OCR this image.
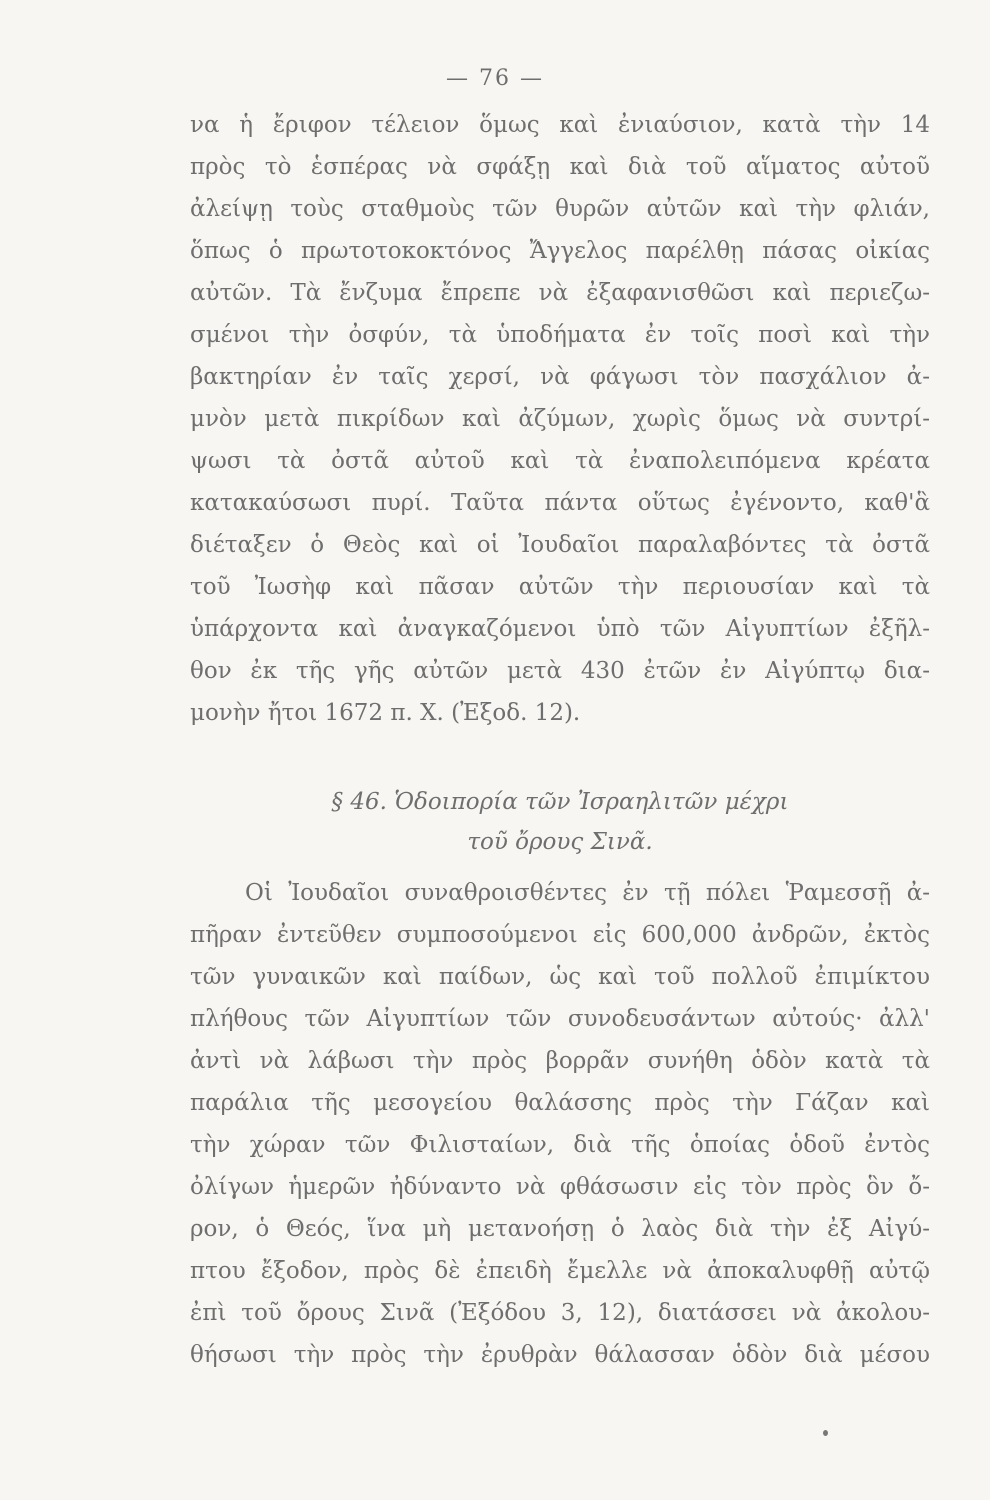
— 76 —
να ἡ ἔριφον τέλειον ὅμως καὶ ἐνιαύσιον, κατὰ τὴν 14
πρὸς τὸ ἑσπέρας νὰ σφάξῃ καὶ διὰ τοῦ αἵματος αὐτοῦ
ἀλείψῃ τοὺς σταθμοὺς τῶν θυρῶν αὐτῶν καὶ τὴν φλιάν,
ὅπως ὁ πρωτοτοκοκτόνος Ἄγγελος παρέλθῃ πάσας οἰκίας
αὐτῶν. Τὰ ἔνζυμα ἔπρεπε νὰ ἐξαφανισθῶσι καὶ περιεζω-
σμένοι τὴν ὀσφύν, τὰ ὑποδήματα ἐν τοῖς ποσὶ καὶ τὴν
βακτηρίαν ἐν ταῖς χερσί, νὰ φάγωσι τὸν πασχάλιον ἀ-
μνὸν μετὰ πικρίδων καὶ ἀζύμων, χωρὶς ὅμως νὰ συντρί-
ψωσι τὰ ὀστᾶ αὐτοῦ καὶ τὰ ἐναπολειπόμενα κρέατα
κατακαύσωσι πυρί. Ταῦτα πάντα οὕτως ἐγένοντο, καθ'ἃ
διέταξεν ὁ Θεὸς καὶ οἱ Ἰουδαῖοι παραλαβόντες τὰ ὀστᾶ
τοῦ Ἰωσὴφ καὶ πᾶσαν αὐτῶν τὴν περιουσίαν καὶ τὰ
ὑπάρχοντα καὶ ἀναγκαζόμενοι ὑπὸ τῶν Αἰγυπτίων ἐξῆλ-
θον ἐκ τῆς γῆς αὐτῶν μετὰ 430 ἐτῶν ἐν Αἰγύπτῳ δια-
μονὴν ἤτοι 1672 π. Χ. (Ἐξοδ. 12).
§ 46. Ὁδοιπορία τῶν Ἰσραηλιτῶν μέχρι
τοῦ ὄρους Σινᾶ.
Οἱ Ἰουδαῖοι συναθροισθέντες ἐν τῇ πόλει Ῥαμεσσῇ ἀ-
πῆραν ἐντεῦθεν συμποσούμενοι εἰς 600,000 ἀνδρῶν, ἐκτὸς
τῶν γυναικῶν καὶ παίδων, ὡς καὶ τοῦ πολλοῦ ἐπιμίκτου
πλήθους τῶν Αἰγυπτίων τῶν συνοδευσάντων αὐτούς· ἀλλ'
ἀντὶ νὰ λάβωσι τὴν πρὸς βορρᾶν συνήθη ὁδὸν κατὰ τὰ
παράλια τῆς μεσογείου θαλάσσης πρὸς τὴν Γάζαν καὶ
τὴν χώραν τῶν Φιλισταίων, διὰ τῆς ὁποίας ὁδοῦ ἐντὸς
ὀλίγων ἡμερῶν ἠδύναντο νὰ φθάσωσιν εἰς τὸν πρὸς ὃν ὄ-
ρον, ὁ Θεός, ἵνα μὴ μετανοήσῃ ὁ λαὸς διὰ τὴν ἐξ Αἰγύ-
πτου ἔξοδον, πρὸς δὲ ἐπειδὴ ἔμελλε νὰ ἀποκαλυφθῇ αὐτῷ
ἐπὶ τοῦ ὄρους Σινᾶ (Ἐξόδου 3, 12), διατάσσει νὰ ἀκολου-
θήσωσι τὴν πρὸς τὴν ἐρυθρὰν θάλασσαν ὁδὸν διὰ μέσου
